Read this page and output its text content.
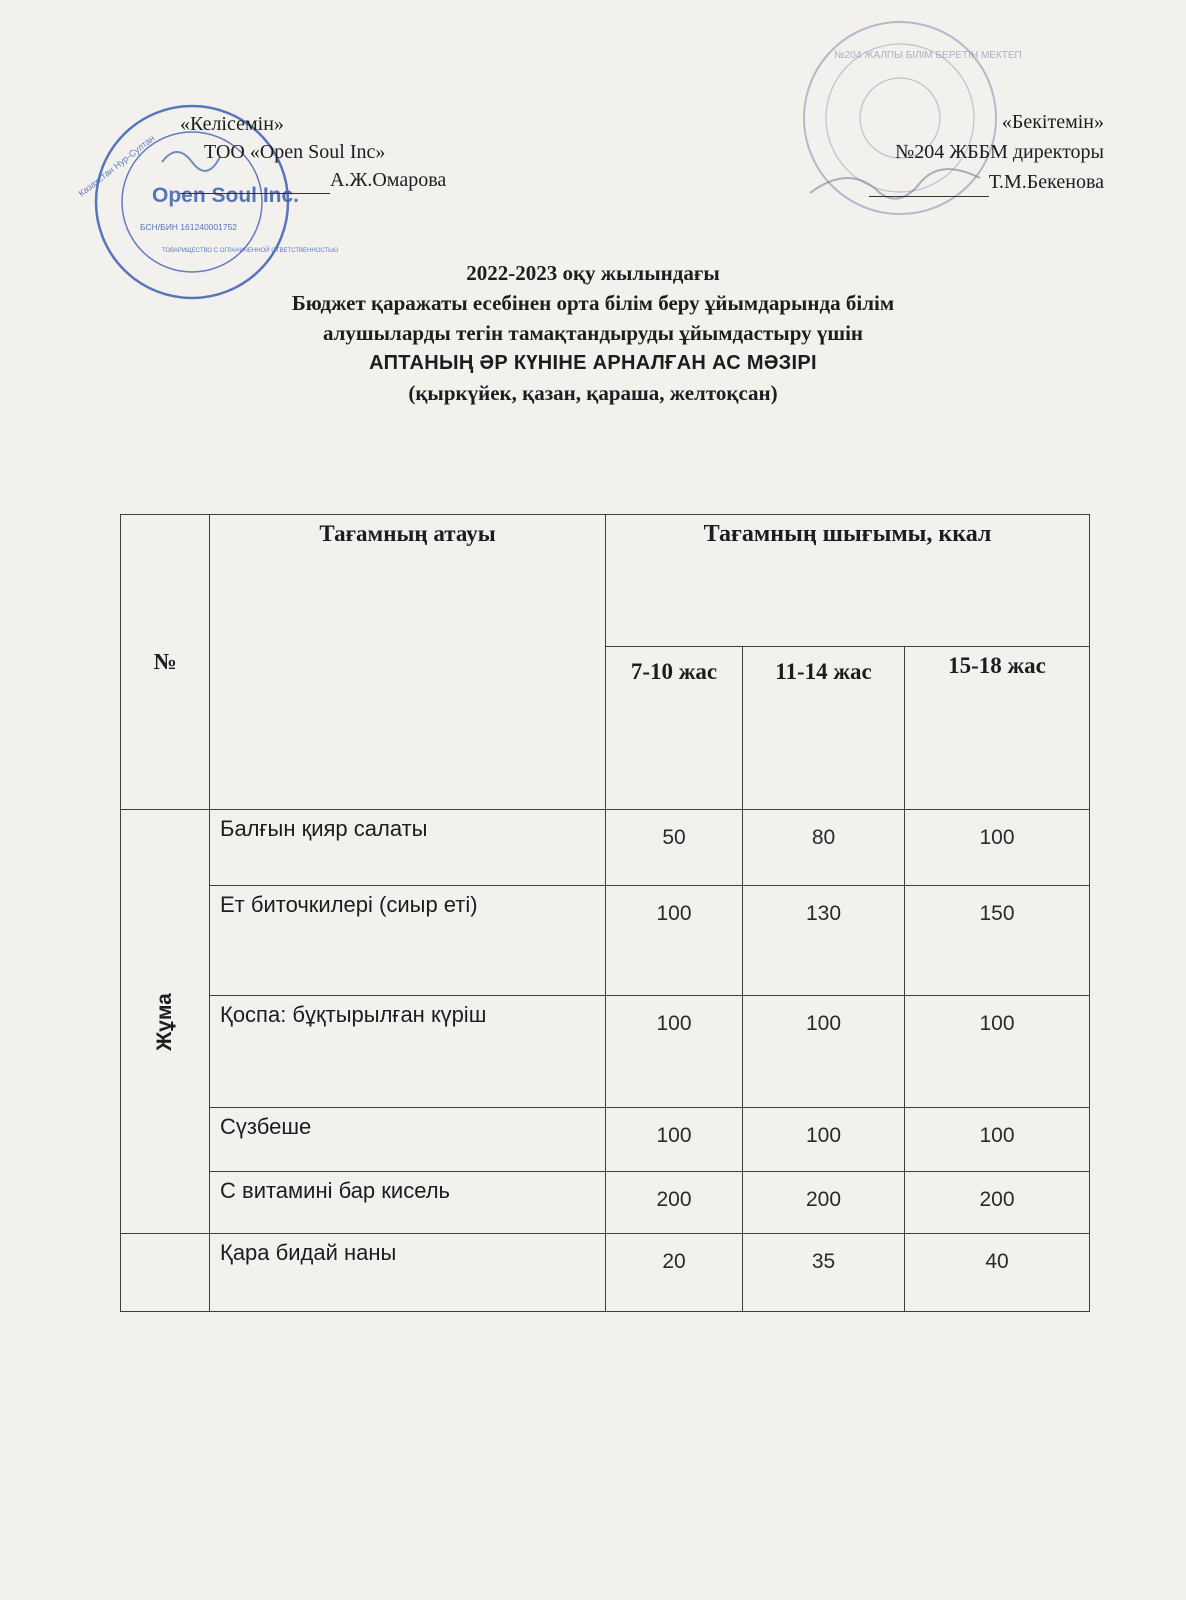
Open Soul Inc.
БСН/БИН 161240001752
Казахстан Нур-Султан
ТОВАРИЩЕСТВО С ОГРАНИЧЕННОЙ ОТВЕТСТВЕННОСТЬЮ
№204 ЖАЛПЫ БІЛІМ БЕРЕТІН МЕКТЕП
«Келісемін»
ТОО «Open Soul Inc»
А.Ж.Омарова
«Бекітемін»
№204 ЖББМ директоры
Т.М.Бекенова
2022-2023 оқу жылындағы
Бюджет қаражаты есебінен орта білім беру ұйымдарында білім
алушыларды тегін тамақтандыруды ұйымдастыру үшін
АПТАНЫҢ ӘР КҮНІНЕ АРНАЛҒАН АС МӘЗІРІ
(қыркүйек, қазан, қараша, желтоқсан)
№	Тағамның атауы	Тағамның шығымы, ккал		
		7-10 жас	11-14 жас	15-18 жас

Жұма	Балғын қияр салаты	50	80	100
	Ет биточкилері (сиыр еті)	100	130	150
	Қоспа: бұқтырылған күріш	100	100	100
	Сүзбеше	100	100	100
	С витамині бар кисель	200	200	200
	Қара бидай наны	20	35	40
